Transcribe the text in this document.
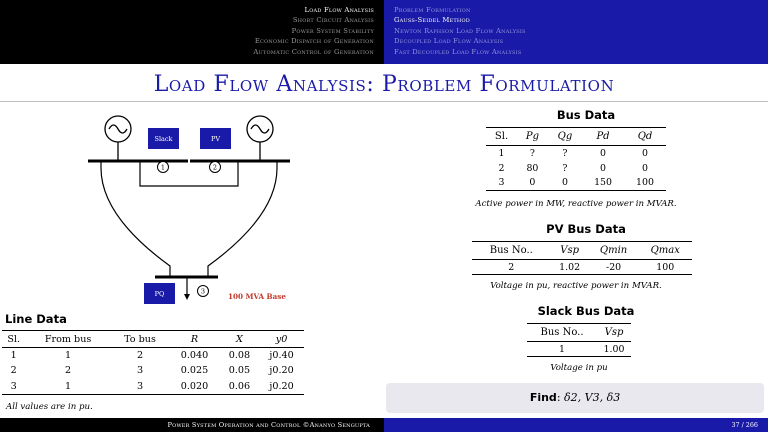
Load Flow Analysis
Short Circuit Analysis
Power System Stability
Economic Dispatch of Generation
Automatic Control of Generation
Problem Formulation
Gauss-Seidel Method
Newton Raphson Load Flow Analysis
Decoupled Load Flow Analysis
Fast Decoupled Load Flow Analysis
Load Flow Analysis: Problem Formulation
Slack	PV
1	2
PQ	3
100 MVA Base
Line Data
Sl.	From bus	To bus	R	X	y0
1	1	2	0.040	0.08	j0.40
2	2	3	0.025	0.05	j0.20
3	1	3	0.020	0.06	j0.20
All values are in pu.
Bus Data
Sl.	Pg	Qg	Pd	Qd
1	?	?	0	0
2	80	?	0	0
3	0	0	150	100
Active power in MW, reactive power in MVAR.
PV Bus Data
Bus No..	Vsp	Qmin	Qmax
2	1.02	-20	100
Voltage in pu, reactive power in MVAR.
Slack Bus Data
Bus No..	Vsp
1	1.00
Voltage in pu
Find: δ2, V3, δ3
Power System Operation and Control ©Ananyo Sengupta	37 / 266
